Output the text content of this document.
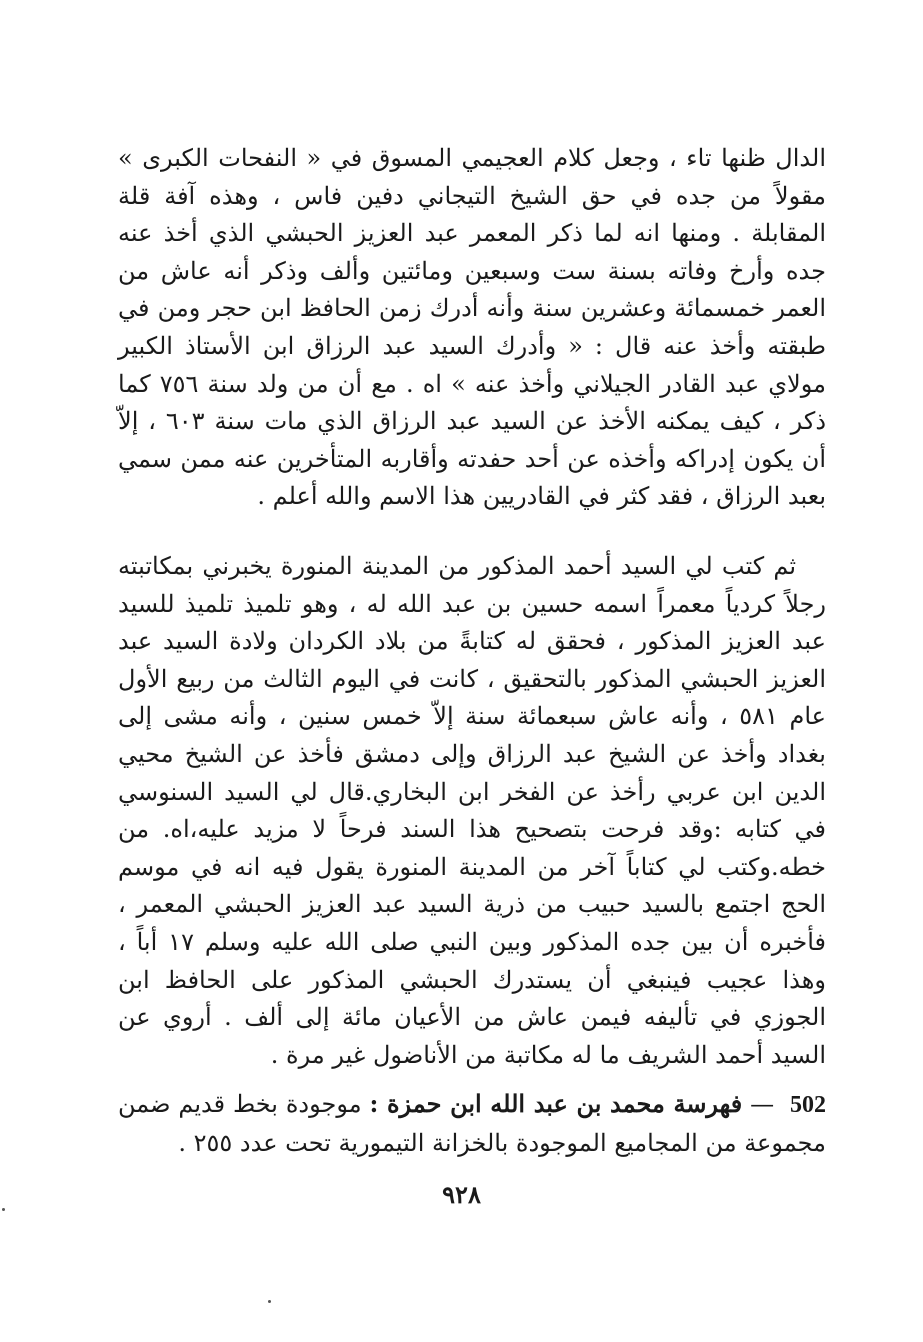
الدال ظنها تاء ، وجعل كلام العجيمي المسوق في « النفحات الكبرى » مقولاً من جده في حق الشيخ التيجاني دفين فاس ، وهذه آفة قلة المقابلة . ومنها انه لما ذكر المعمر عبد العزيز الحبشي الذي أخذ عنه جده وأرخ وفاته بسنة ست وسبعين ومائتين وألف وذكر أنه عاش من العمر خمسمائة وعشرين سنة وأنه أدرك زمن الحافظ ابن حجر ومن في طبقته وأخذ عنه قال : « وأدرك السيد عبد الرزاق ابن الأستاذ الكبير مولاي عبد القادر الجيلاني وأخذ عنه » اه . مع أن من ولد سنة ٧٥٦ كما ذكر ، كيف يمكنه الأخذ عن السيد عبد الرزاق الذي مات سنة ٦٠٣ ، إلاّ أن يكون إدراكه وأخذه عن أحد حفدته وأقاربه المتأخرين عنه ممن سمي بعبد الرزاق ، فقد كثر في القادريين هذا الاسم والله أعلم .

ثم كتب لي السيد أحمد المذكور من المدينة المنورة يخبرني بمكاتبته رجلاً كردياً معمراً اسمه حسين بن عبد الله له ، وهو تلميذ تلميذ للسيد عبد العزيز المذكور ، فحقق له كتابةً من بلاد الكردان ولادة السيد عبد العزيز الحبشي المذكور بالتحقيق ، كانت في اليوم الثالث من ربيع الأول عام ٥٨١ ، وأنه عاش سبعمائة سنة إلاّ خمس سنين ، وأنه مشى إلى بغداد وأخذ عن الشيخ عبد الرزاق وإلى دمشق فأخذ عن الشيخ محيي الدين ابن عربي رأخذ عن الفخر ابن البخاري.قال لي السيد السنوسي في كتابه :وقد فرحت بتصحيح هذا السند فرحاً لا مزيد عليه،اه. من خطه.وكتب لي كتاباً آخر من المدينة المنورة يقول فيه انه في موسم الحج اجتمع بالسيد حبيب من ذرية السيد عبد العزيز الحبشي المعمر ، فأخبره أن بين جده المذكور وبين النبي صلى الله عليه وسلم ١٧ أباً ، وهذا عجيب فينبغي أن يستدرك الحبشي المذكور على الحافظ ابن الجوزي في تأليفه فيمن عاش من الأعيان مائة إلى ألف . أروي عن السيد أحمد الشريف ما له مكاتبة من الأناضول غير مرة .

502 — فهرسة محمد بن عبد الله ابن حمزة : موجودة بخط قديم ضمن مجموعة من المجاميع الموجودة بالخزانة التيمورية تحت عدد ٢٥٥ .

٩٢٨
